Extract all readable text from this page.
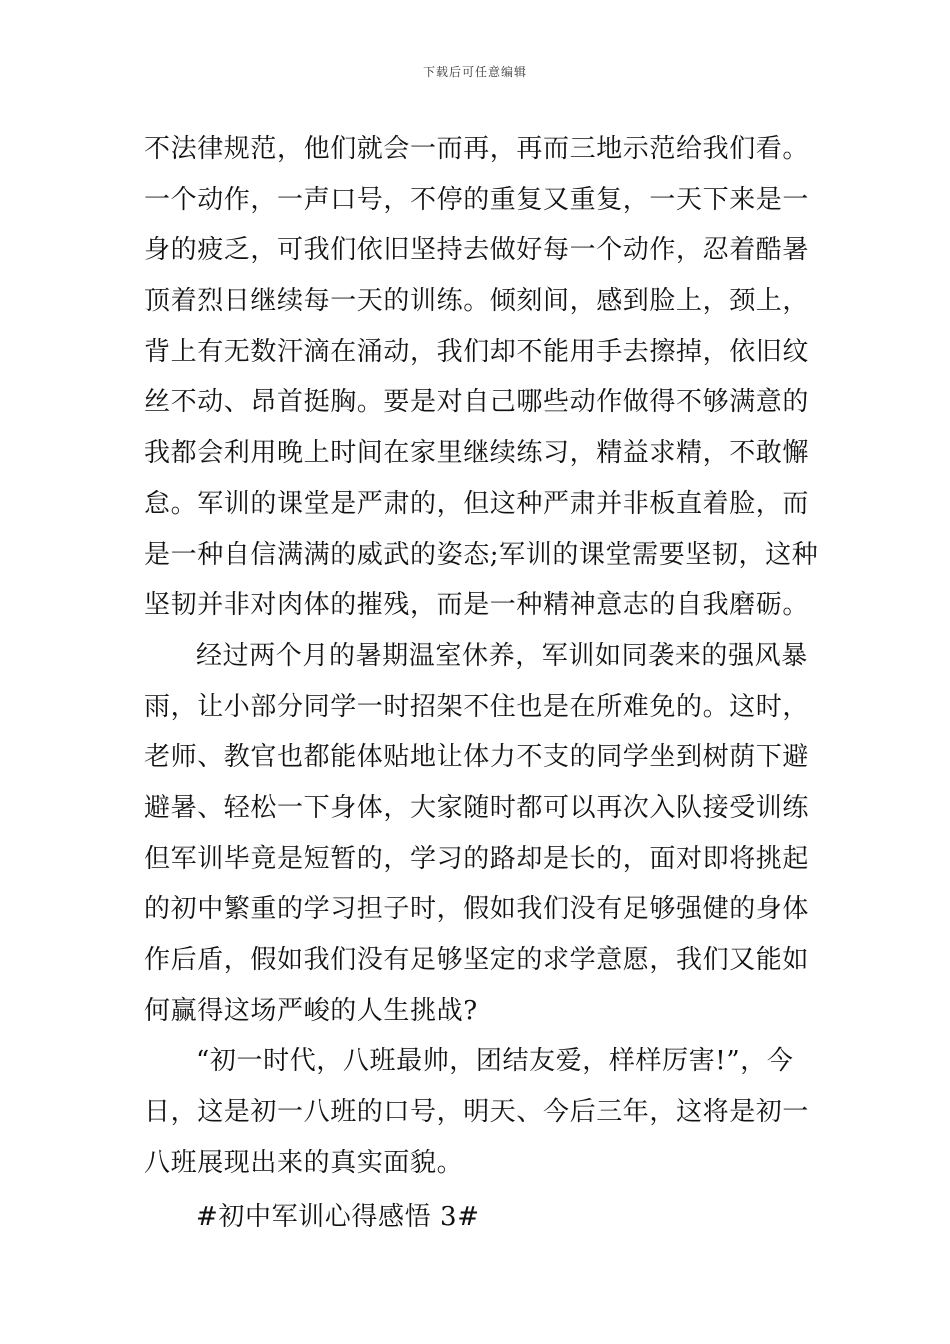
下载后可任意编辑
不法律规范，他们就会一而再，再而三地示范给我们看。
一个动作，一声口号，不停的重复又重复，一天下来是一
身的疲乏，可我们依旧坚持去做好每一个动作，忍着酷暑
顶着烈日继续每一天的训练。倾刻间，感到脸上，颈上，
背上有无数汗滴在涌动，我们却不能用手去擦掉，依旧纹
丝不动、昂首挺胸。要是对自己哪些动作做得不够满意的
我都会利用晚上时间在家里继续练习，精益求精，不敢懈
怠。军训的课堂是严肃的，但这种严肃并非板直着脸，而
是一种自信满满的威武的姿态;军训的课堂需要坚韧，这种
坚韧并非对肉体的摧残，而是一种精神意志的自我磨砺。
经过两个月的暑期温室休养，军训如同袭来的强风暴
雨，让小部分同学一时招架不住也是在所难免的。这时，
老师、教官也都能体贴地让体力不支的同学坐到树荫下避
避暑、轻松一下身体，大家随时都可以再次入队接受训练
但军训毕竟是短暂的，学习的路却是长的，面对即将挑起
的初中繁重的学习担子时，假如我们没有足够强健的身体
作后盾，假如我们没有足够坚定的求学意愿，我们又能如
何赢得这场严峻的人生挑战?
“初一时代，八班最帅，团结友爱，样样厉害!”，今
日，这是初一八班的口号，明天、今后三年，这将是初一
八班展现出来的真实面貌。
#初中军训心得感悟 3#
